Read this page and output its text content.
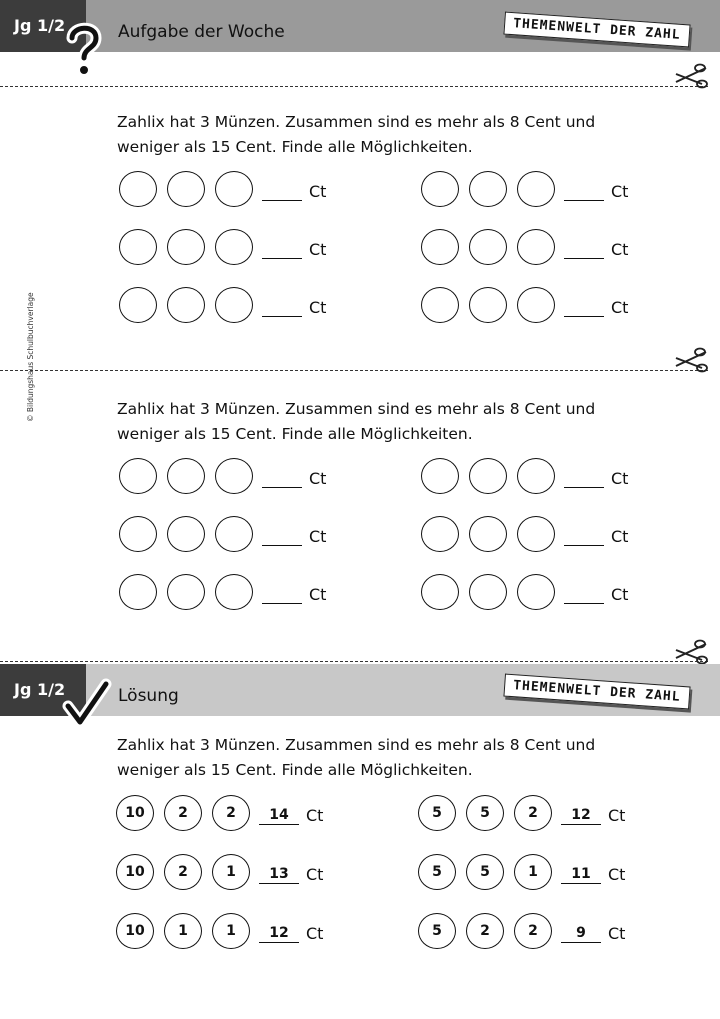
Jg 1/2	Aufgabe der Woche	THEMENWELT DER ZAHL
© Bildungshaus Schulbuchverlage
Zahlix hat 3 Münzen. Zusammen sind es mehr als 8 Cent und
weniger als 15 Cent. Finde alle Möglichkeiten.
Ct	Ct
Ct	Ct
Ct	Ct
Zahlix hat 3 Münzen. Zusammen sind es mehr als 8 Cent und
weniger als 15 Cent. Finde alle Möglichkeiten.
Ct	Ct
Ct	Ct
Ct	Ct
Jg 1/2	Lösung	THEMENWELT DER ZAHL
Zahlix hat 3 Münzen. Zusammen sind es mehr als 8 Cent und
weniger als 15 Cent. Finde alle Möglichkeiten.
10	2	2	14	Ct	5	5	2	12	Ct
10	2	1	13	Ct	5	5	1	11	Ct
10	1	1	12	Ct	5	2	2	9	Ct
